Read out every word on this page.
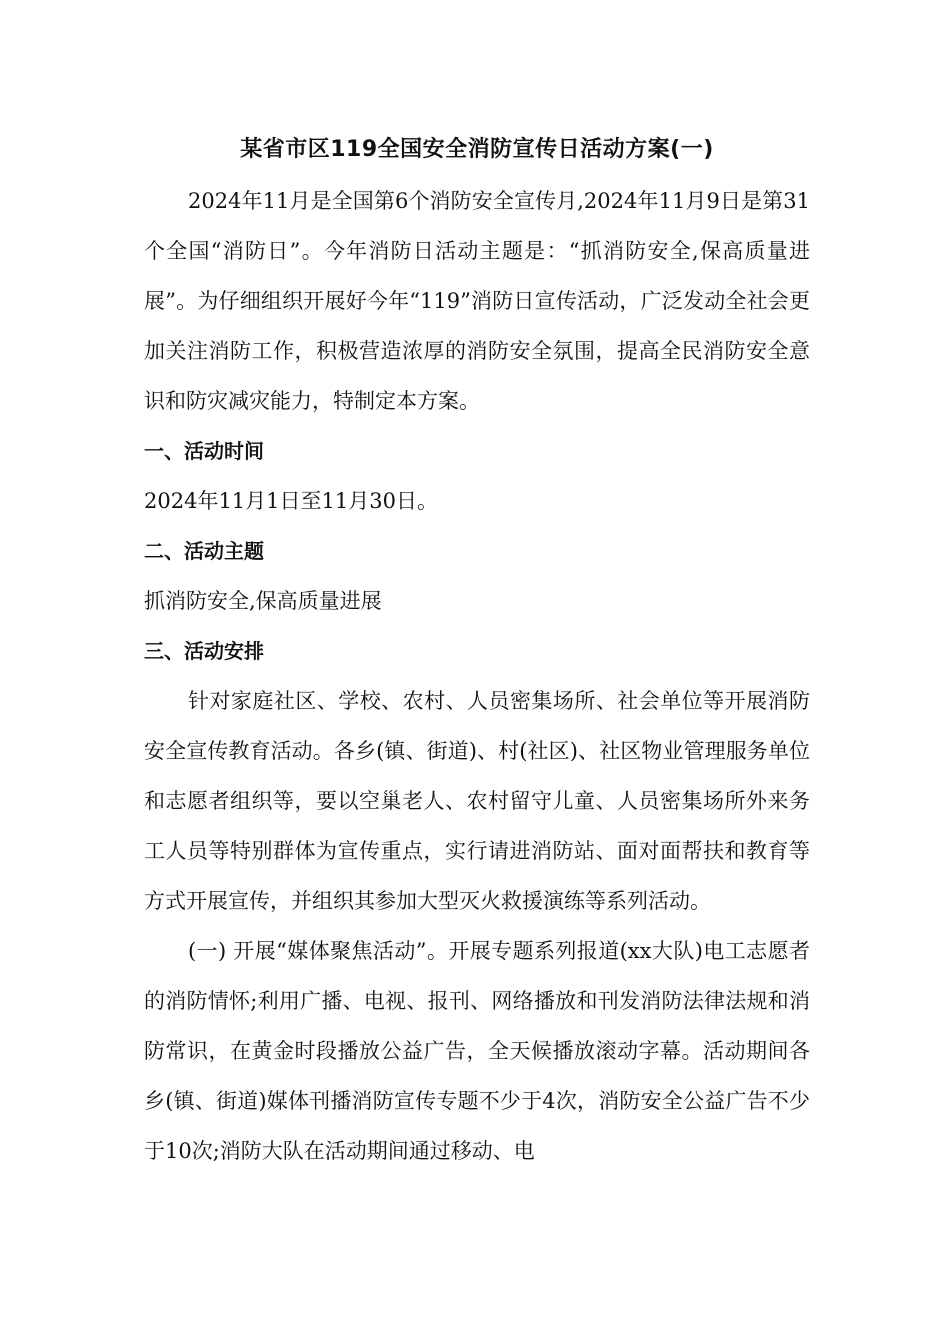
某省市区119全国安全消防宣传日活动方案(一)

2024年11月是全国第6个消防安全宣传月,2024年11月9日是第31个全国“消防日”。今年消防日活动主题是：“抓消防安全,保高质量进展”。为仔细组织开展好今年“119”消防日宣传活动，广泛发动全社会更加关注消防工作，积极营造浓厚的消防安全氛围，提高全民消防安全意识和防灾减灾能力，特制定本方案。

一、活动时间

2024年11月1日至11月30日。

二、活动主题

抓消防安全,保高质量进展

三、活动安排

针对家庭社区、学校、农村、人员密集场所、社会单位等开展消防安全宣传教育活动。各乡(镇、街道)、村(社区)、社区物业管理服务单位和志愿者组织等，要以空巢老人、农村留守儿童、人员密集场所外来务工人员等特别群体为宣传重点，实行请进消防站、面对面帮扶和教育等方式开展宣传，并组织其参加大型灭火救援演练等系列活动。

(一) 开展“媒体聚焦活动”。开展专题系列报道(xx大队)电工志愿者的消防情怀;利用广播、电视、报刊、网络播放和刊发消防法律法规和消防常识，在黄金时段播放公益广告，全天候播放滚动字幕。活动期间各乡(镇、街道)媒体刊播消防宣传专题不少于4次，消防安全公益广告不少于10次;消防大队在活动期间通过移动、电
